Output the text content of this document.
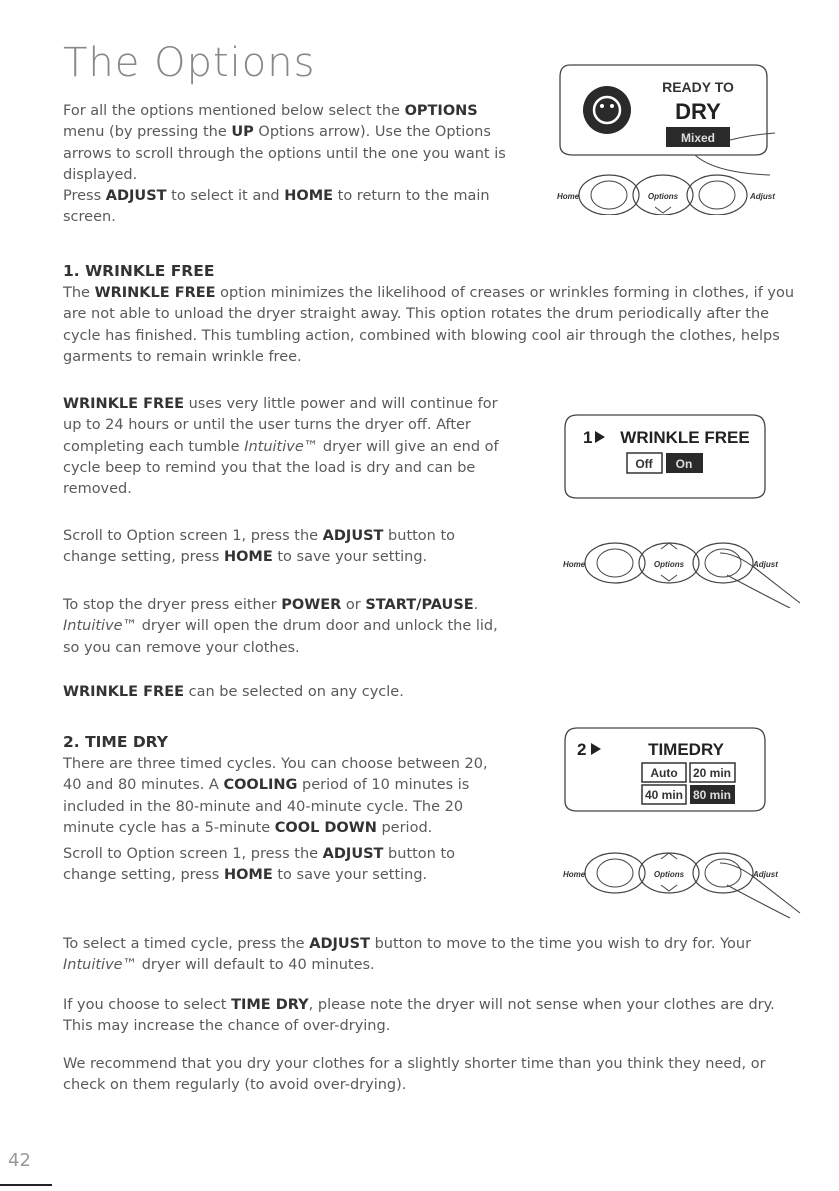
The Options

For all the options mentioned below select the OPTIONS menu (by pressing the UP Options arrow). Use the Options arrows to scroll through the options until the one you want is displayed.

Press ADJUST to select it and HOME to return to the main screen.

READY TO
DRY
Mixed
Home	Options	Adjust
1. WRINKLE FREE

The WRINKLE FREE option minimizes the likelihood of creases or wrinkles forming in clothes, if you are not able to unload the dryer straight away. This option rotates the drum periodically after the cycle has finished. This tumbling action, combined with blowing cool air through the clothes, helps garments to remain wrinkle free.

WRINKLE FREE uses very little power and will continue for up to 24 hours or until the user turns the dryer off. After completing each tumble Intuitive™ dryer will give an end of cycle beep to remind you that the load is dry and can be removed.

Scroll to Option screen 1, press the ADJUST button to change setting, press HOME to save your setting.

To stop the dryer press either POWER or START/PAUSE. Intuitive™ dryer will open the drum door and unlock the lid, so you can remove your clothes.

WRINKLE FREE can be selected on any cycle.

1 WRINKLE FREE
Off On
Home	Options	Adjust
2. TIME DRY

There are three timed cycles. You can choose between 20, 40 and 80 minutes. A COOLING period of 10 minutes is included in the 80-minute and 40-minute cycle. The 20 minute cycle has a 5-minute COOL DOWN period.

Scroll to Option screen 1, press the ADJUST button to change setting, press HOME to save your setting.

To select a timed cycle, press the ADJUST button to move to the time you wish to dry for. Your Intuitive™ dryer will default to 40 minutes.

If you choose to select TIME DRY, please note the dryer will not sense when your clothes are dry. This may increase the chance of over-drying.

We recommend that you dry your clothes for a slightly shorter time than you think they need, or check on them regularly (to avoid over-drying).

2	TIMEDRY
Auto 20 min
40 min 80 min
Home	Options	Adjust
42
